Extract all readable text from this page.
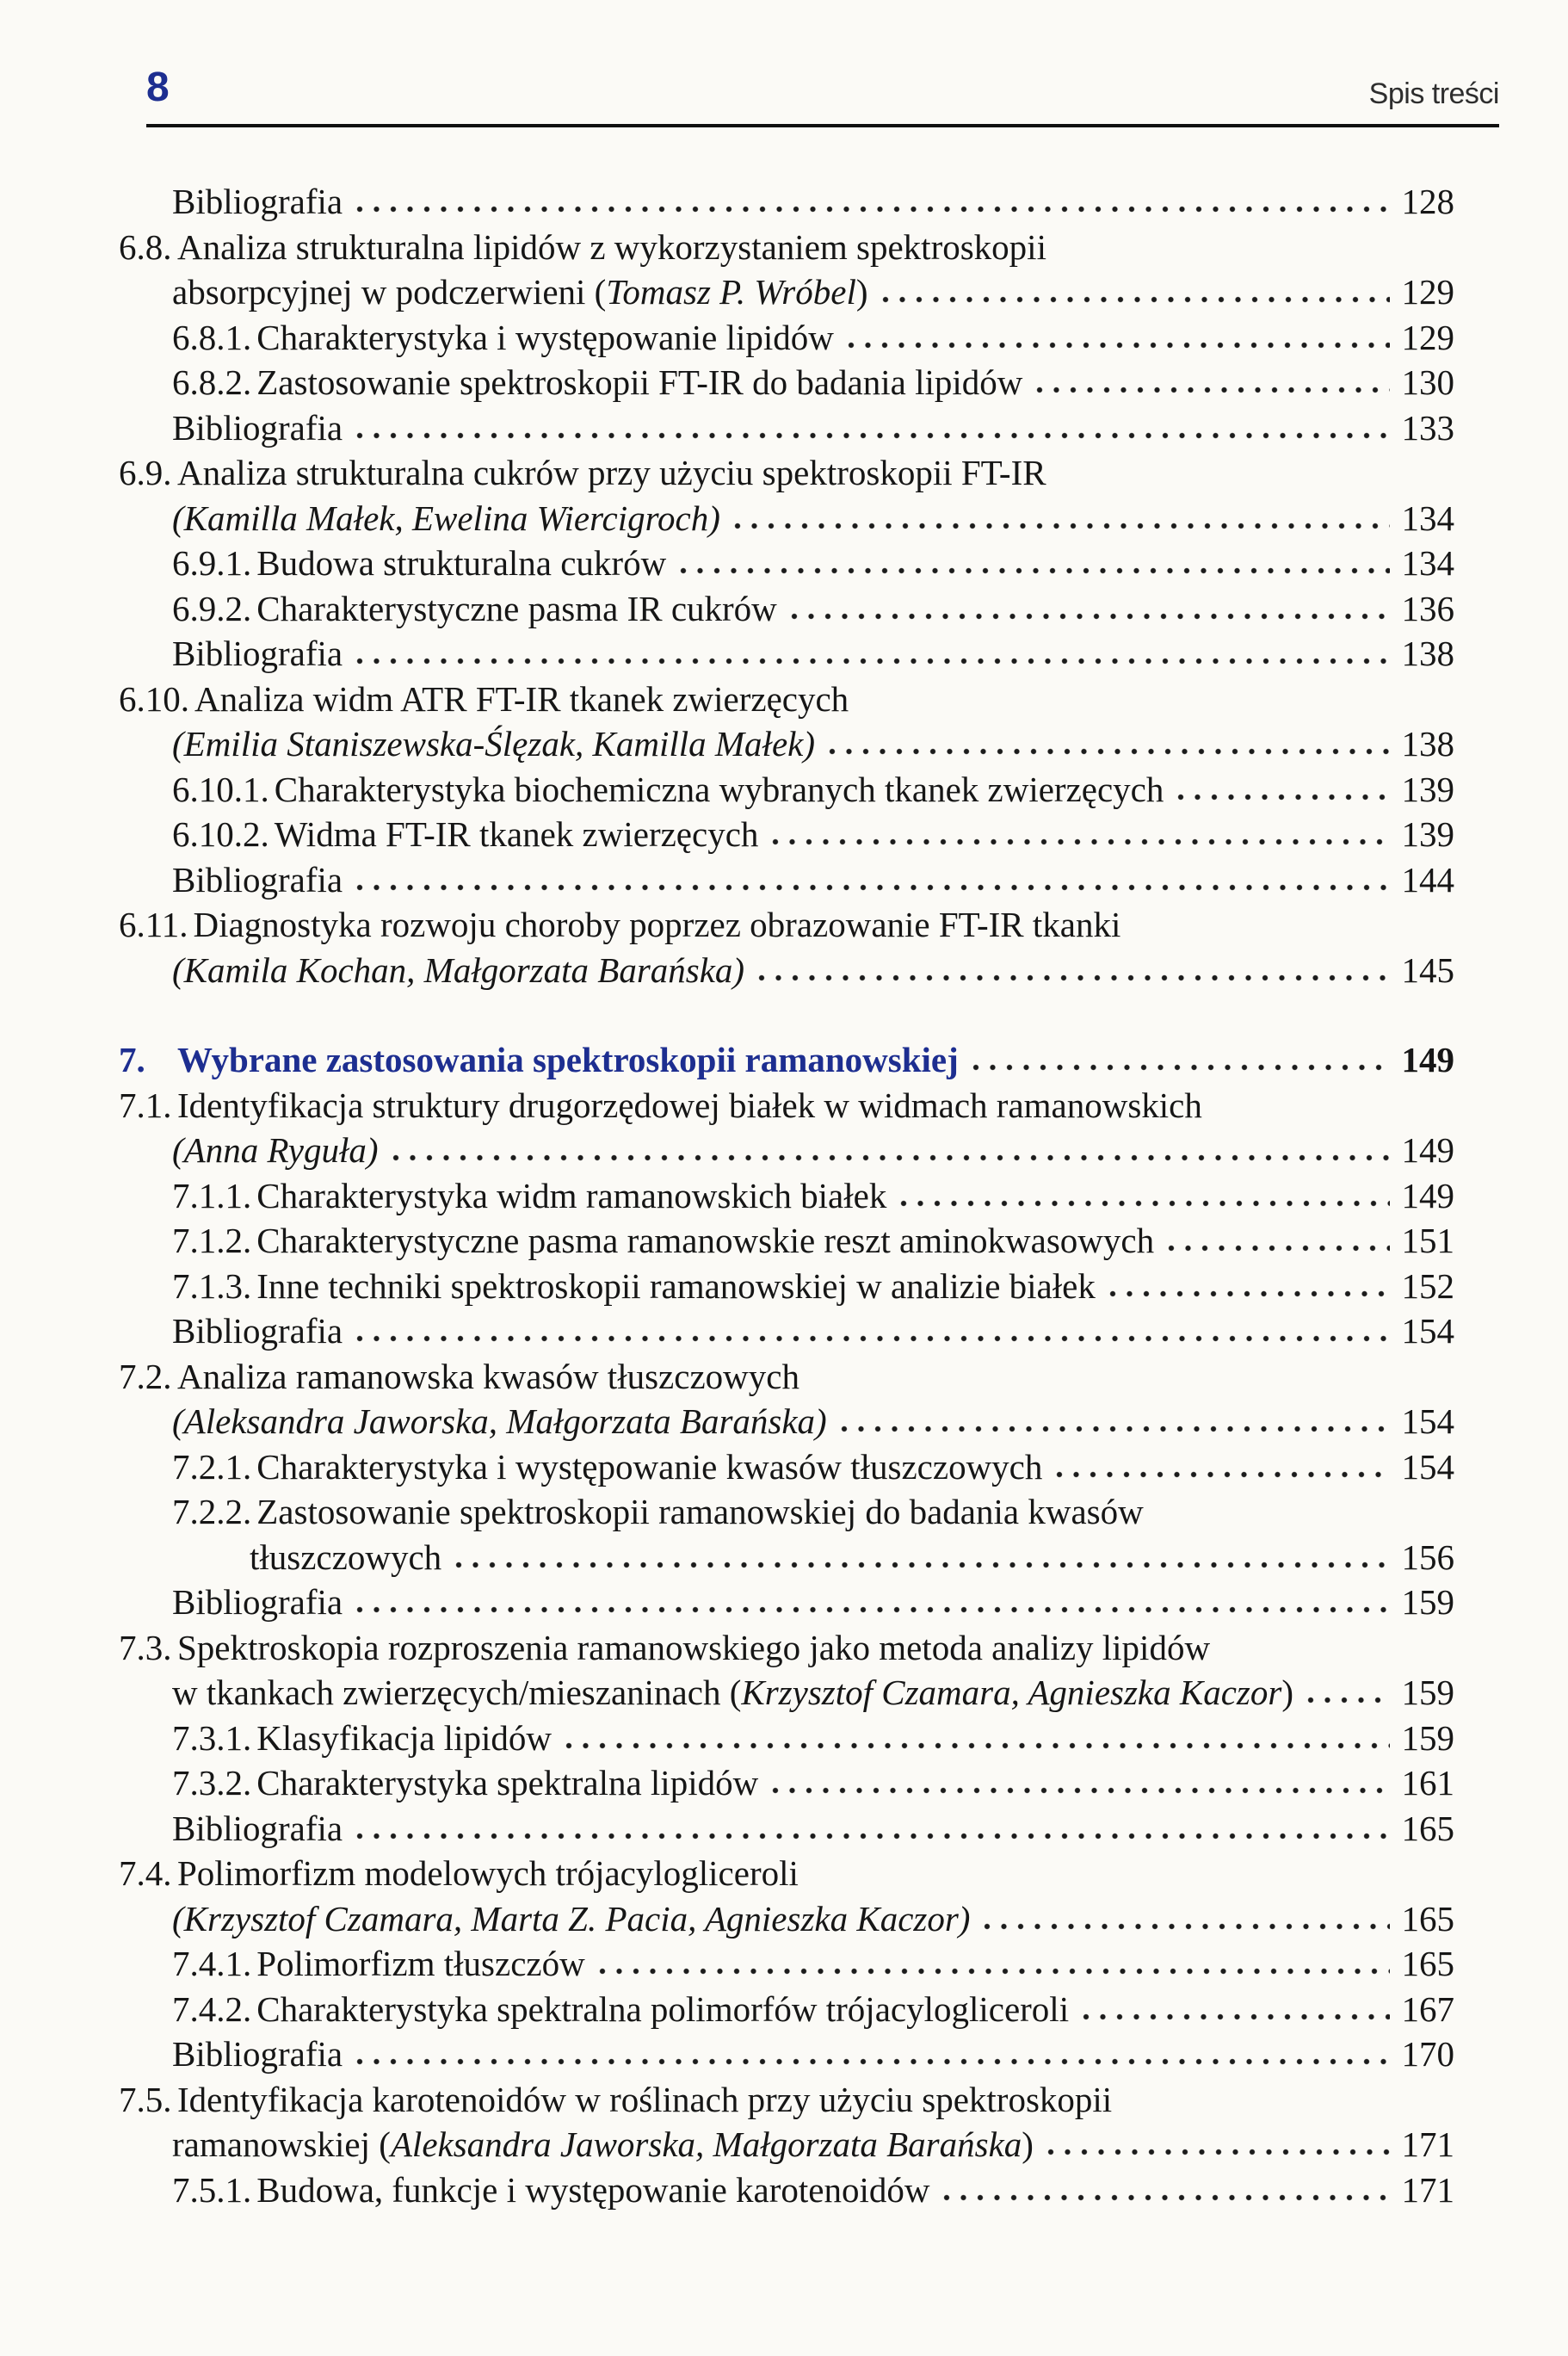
8	Spis treści
Bibliografia	128
6.8. Analiza strukturalna lipidów z wykorzystaniem spektroskopii
absorpcyjnej w podczerwieni (Tomasz P. Wróbel)	129
6.8.1. Charakterystyka i występowanie lipidów	129
6.8.2. Zastosowanie spektroskopii FT-IR do badania lipidów	130
Bibliografia	133
6.9. Analiza strukturalna cukrów przy użyciu spektroskopii FT-IR
(Kamilla Małek, Ewelina Wiercigroch)	134
6.9.1. Budowa strukturalna cukrów	134
6.9.2. Charakterystyczne pasma IR cukrów	136
Bibliografia	138
6.10. Analiza widm ATR FT-IR tkanek zwierzęcych
(Emilia Staniszewska-Ślęzak, Kamilla Małek)	138
6.10.1. Charakterystyka biochemiczna wybranych tkanek zwierzęcych	139
6.10.2. Widma FT-IR tkanek zwierzęcych	139
Bibliografia	144
6.11. Diagnostyka rozwoju choroby poprzez obrazowanie FT-IR tkanki
(Kamila Kochan, Małgorzata Barańska)	145
7. Wybrane zastosowania spektroskopii ramanowskiej	149
7.1. Identyfikacja struktury drugorzędowej białek w widmach ramanowskich
(Anna Ryguła)	149
7.1.1. Charakterystyka widm ramanowskich białek	149
7.1.2. Charakterystyczne pasma ramanowskie reszt aminokwasowych	151
7.1.3. Inne techniki spektroskopii ramanowskiej w analizie białek	152
Bibliografia	154
7.2. Analiza ramanowska kwasów tłuszczowych
(Aleksandra Jaworska, Małgorzata Barańska)	154
7.2.1. Charakterystyka i występowanie kwasów tłuszczowych	154
7.2.2. Zastosowanie spektroskopii ramanowskiej do badania kwasów
tłuszczowych	156
Bibliografia	159
7.3. Spektroskopia rozproszenia ramanowskiego jako metoda analizy lipidów
w tkankach zwierzęcych/mieszaninach (Krzysztof Czamara, Agnieszka Kaczor)	159
7.3.1. Klasyfikacja lipidów	159
7.3.2. Charakterystyka spektralna lipidów	161
Bibliografia	165
7.4. Polimorfizm modelowych trójacylogliceroli
(Krzysztof Czamara, Marta Z. Pacia, Agnieszka Kaczor)	165
7.4.1. Polimorfizm tłuszczów	165
7.4.2. Charakterystyka spektralna polimorfów trójacylogliceroli	167
Bibliografia	170
7.5. Identyfikacja karotenoidów w roślinach przy użyciu spektroskopii
ramanowskiej (Aleksandra Jaworska, Małgorzata Barańska)	171
7.5.1. Budowa, funkcje i występowanie karotenoidów	171
